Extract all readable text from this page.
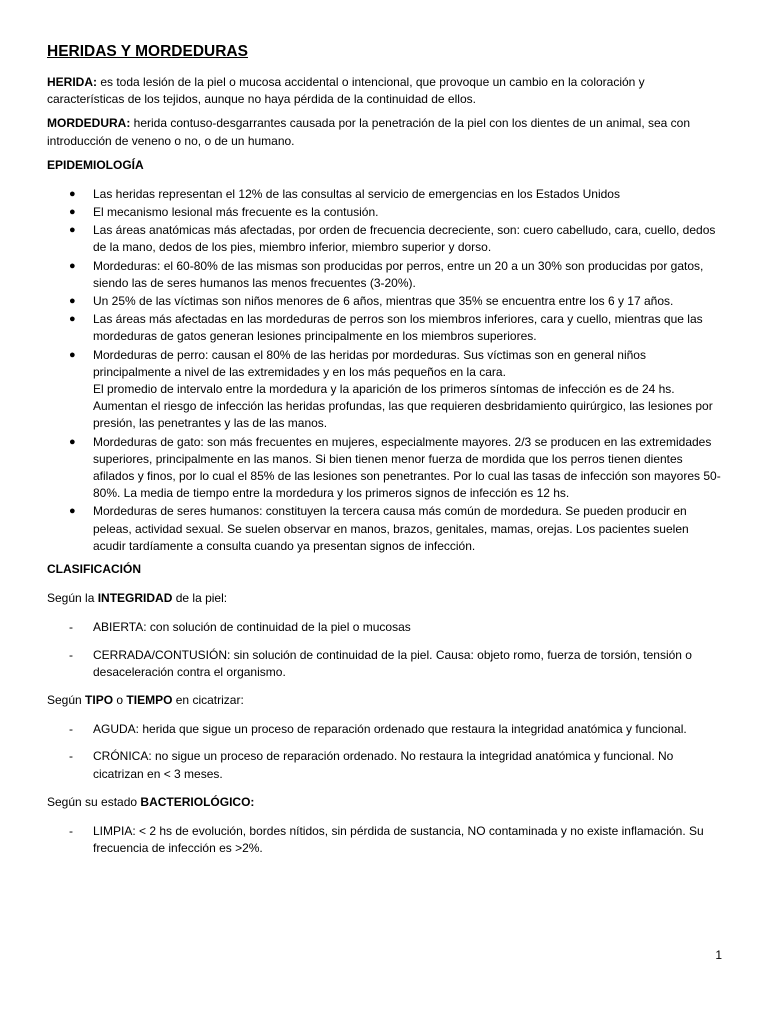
HERIDAS Y MORDEDURAS

HERIDA: es toda lesión de la piel o mucosa accidental o intencional, que provoque un cambio en la coloración y características de los tejidos, aunque no haya pérdida de la continuidad de ellos.

MORDEDURA: herida contuso-desgarrantes causada por la penetración de la piel con los dientes de un animal, sea con introducción de veneno o no, o de un humano.

EPIDEMIOLOGÍA
● Las heridas representan el 12% de las consultas al servicio de emergencias en los Estados Unidos
● El mecanismo lesional más frecuente es la contusión.
● Las áreas anatómicas más afectadas, por orden de frecuencia decreciente, son: cuero cabelludo, cara, cuello, dedos de la mano, dedos de los pies, miembro inferior, miembro superior y dorso.
● Mordeduras: el 60-80% de las mismas son producidas por perros, entre un 20 a un 30% son producidas por gatos, siendo las de seres humanos las menos frecuentes (3-20%).
● Un 25% de las víctimas son niños menores de 6 años, mientras que 35% se encuentra entre los 6 y 17 años.
● Las áreas más afectadas en las mordeduras de perros son los miembros inferiores, cara y cuello, mientras que las mordeduras de gatos generan lesiones principalmente en los miembros superiores.
● Mordeduras de perro: causan el 80% de las heridas por mordeduras. Sus víctimas son en general niños principalmente a nivel de las extremidades y en los más pequeños en la cara.
El promedio de intervalo entre la mordedura y la aparición de los primeros síntomas de infección es de 24 hs.
Aumentan el riesgo de infección las heridas profundas, las que requieren desbridamiento quirúrgico, las lesiones por presión, las penetrantes y las de las manos.
● Mordeduras de gato: son más frecuentes en mujeres, especialmente mayores. 2/3 se producen en las extremidades superiores, principalmente en las manos. Si bien tienen menor fuerza de mordida que los perros tienen dientes afilados y finos, por lo cual el 85% de las lesiones son penetrantes. Por lo cual las tasas de infección son mayores 50-80%. La media de tiempo entre la mordedura y los primeros signos de infección es 12 hs.
● Mordeduras de seres humanos: constituyen la tercera causa más común de mordedura. Se pueden producir en peleas, actividad sexual. Se suelen observar en manos, brazos, genitales, mamas, orejas. Los pacientes suelen acudir tardíamente a consulta cuando ya presentan signos de infección.
CLASIFICACIÓN
Según la INTEGRIDAD de la piel:
- ABIERTA: con solución de continuidad de la piel o mucosas
- CERRADA/CONTUSIÓN: sin solución de continuidad de la piel. Causa: objeto romo, fuerza de torsión, tensión o desaceleración contra el organismo.
Según TIPO o TIEMPO en cicatrizar:
- AGUDA: herida que sigue un proceso de reparación ordenado que restaura la integridad anatómica y funcional.
- CRÓNICA: no sigue un proceso de reparación ordenado. No restaura la integridad anatómica y funcional. No cicatrizan en < 3 meses.
Según su estado BACTERIOLÓGICO:
- LIMPIA: < 2 hs de evolución, bordes nítidos, sin pérdida de sustancia, NO contaminada y no existe inflamación. Su frecuencia de infección es >2%.
1
